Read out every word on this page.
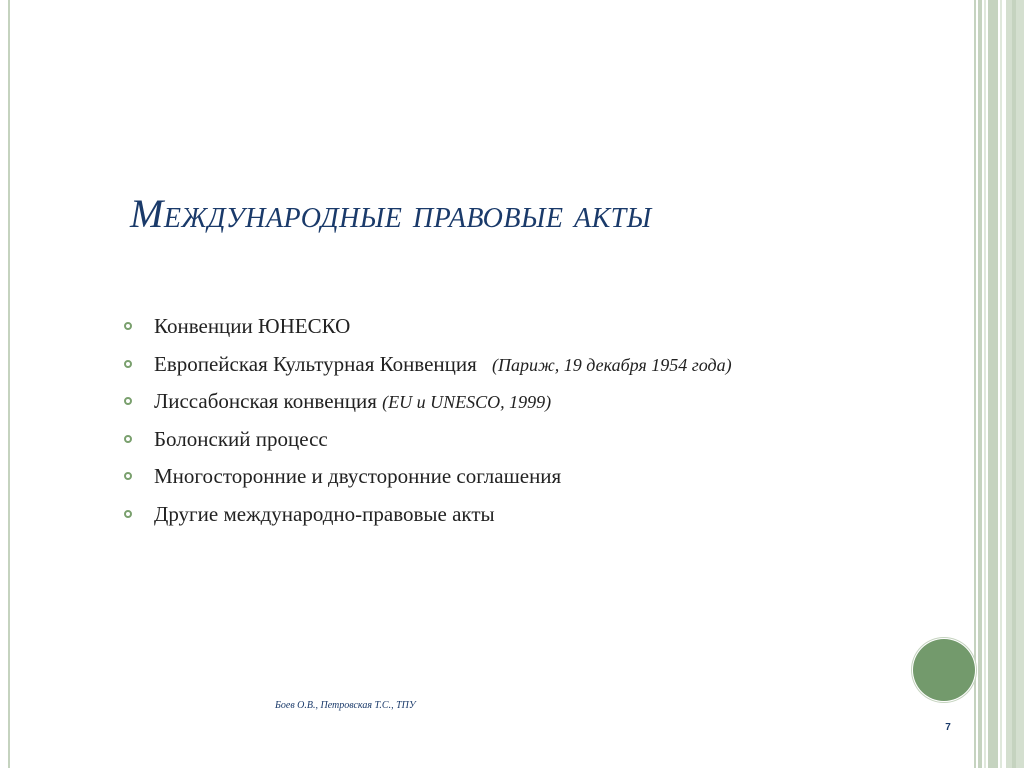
Международные правовые акты
Конвенции ЮНЕСКО
Европейская Культурная Конвенция (Париж, 19 декабря 1954 года)
Лиссабонская конвенция (EU и UNESCO, 1999)
Болонский процесс
Многосторонние и двусторонние соглашения
Другие международно-правовые акты
Боев О.В., Петровская Т.С., ТПУ
7
